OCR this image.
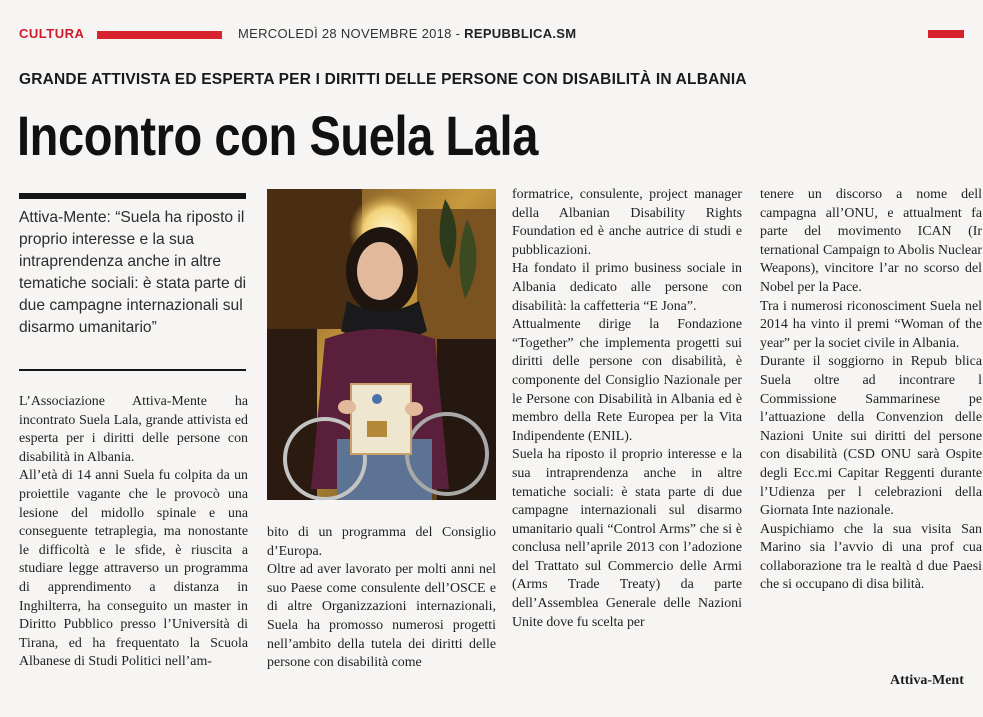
CULTURA	MERCOLEDÌ 28 NOVEMBRE 2018 - REPUBBLICA.SM
GRANDE ATTIVISTA ED ESPERTA PER I DIRITTI DELLE PERSONE CON DISABILITÀ IN ALBANIA
Incontro con Suela Lala
Attiva-Mente: “Suela ha riposto il proprio interesse e la sua intraprendenza anche in altre tematiche sociali: è stata parte di due campagne internazionali sul disarmo umanitario”

L’Associazione Attiva-Mente ha incontrato Suela Lala, grande attivista ed esperta per i diritti delle persone con disabilità in Albania.

All’età di 14 anni Suela fu colpita da un proiettile vagante che le provocò una lesione del midollo spinale e una conseguente tetraplegia, ma nonostante le difficoltà e le sfide, è riuscita a studiare legge attraverso un programma di apprendimento a distanza in Inghilterra, ha conseguito un master in Diritto Pubblico presso l’Università di Tirana, ed ha frequentato la Scuola Albanese di Studi Politici nell’am-

bito di un programma del Consiglio d’Europa.

Oltre ad aver lavorato per molti anni nel suo Paese come consulente dell’OSCE e di altre Organizzazioni internazionali, Suela ha promosso numerosi progetti nell’ambito della tutela dei diritti delle persone con disabilità come

formatrice, consulente, project manager della Albanian Disability Rights Foundation ed è anche autrice di studi e pubblicazioni.

Ha fondato il primo business sociale in Albania dedicato alle persone con disabilità: la caffetteria “E Jona”.

Attualmente dirige la Fondazione “Together” che implementa progetti sui diritti delle persone con disabilità, è componente del Consiglio Nazionale per le Persone con Disabilità in Albania ed è membro della Rete Europea per la Vita Indipendente (ENIL).

Suela ha riposto il proprio interesse e la sua intraprendenza anche in altre tematiche sociali: è stata parte di due campagne internazionali sul disarmo umanitario quali “Control Arms” che si è conclusa nell’aprile 2013 con l’adozione del Trattato sul Commercio delle Armi (Arms Trade Treaty) da parte dell’Assemblea Generale delle Nazioni Unite dove fu scelta per

tenere un discorso a nome dell campagna all’ONU, e attualment fa parte del movimento ICAN (Ir ternational Campaign to Abolis Nuclear Weapons), vincitore l’ar no scorso del Nobel per la Pace.

Tra i numerosi riconosciment Suela nel 2014 ha vinto il premi “Woman of the year” per la societ civile in Albania.

Durante il soggiorno in Repub blica Suela oltre ad incontrare l Commissione Sammarinese pe l’attuazione della Convenzion delle Nazioni Unite sui diritti del persone con disabilità (CSD ONU sarà Ospite degli Ecc.mi Capitar Reggenti durante l’Udienza per l celebrazioni della Giornata Inte nazionale.

Auspichiamo che la sua visita San Marino sia l’avvio di una prof cua collaborazione tra le realtà d due Paesi che si occupano di disa bilità.

Attiva-Ment
